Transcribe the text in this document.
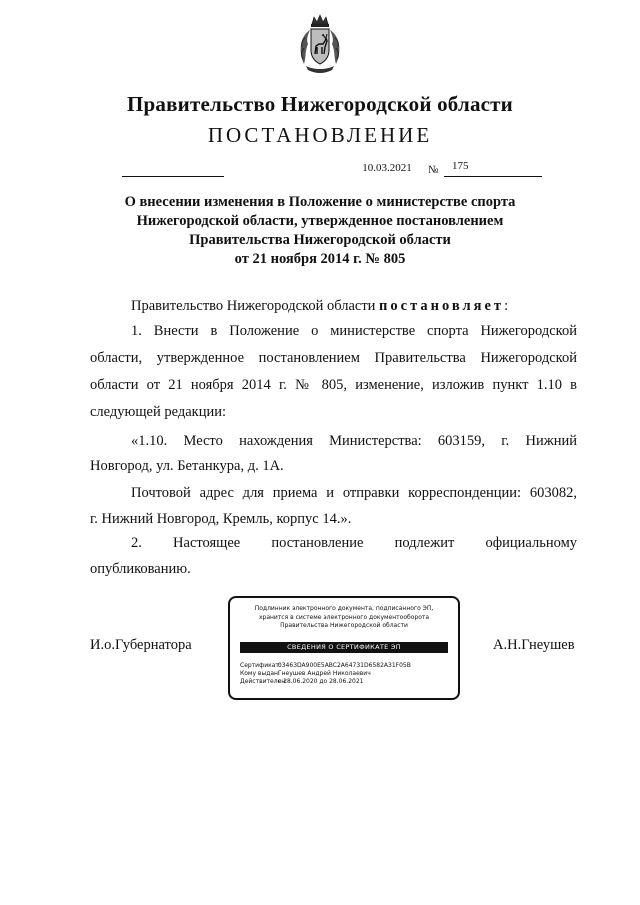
Правительство Нижегородской области
ПОСТАНОВЛЕНИЕ
10.03.2021	№ 175
О внесении изменения в Положение о министерстве спорта
Нижегородской области, утвержденное постановлением
Правительства Нижегородской области
от 21 ноября 2014 г. № 805
Правительство Нижегородской области постановляет:
1. Внести в Положение о министерстве спорта Нижегородской
области, утвержденное постановлением Правительства Нижегородской
области от 21 ноября 2014 г. № 805, изменение, изложив пункт 1.10 в
следующей редакции:
«1.10. Место нахождения Министерства: 603159, г. Нижний
Новгород, ул. Бетанкура, д. 1А.
Почтовой адрес для приема и отправки корреспонденции: 603082,
г. Нижний Новгород, Кремль, корпус 14.».
2. Настоящее постановление подлежит официальному
опубликованию.
И.о.Губернатора	А.Н.Гнеушев
Подлинник электронного документа, подписанного ЭП,
хранится в системе электронного документооборота
Правительства Нижегородской области
СВЕДЕНИЯ О СЕРТИФИКАТЕ ЭП
Сертификат: 03463DA900E5ABC2A64731D6582A31F05B
Кому выдан: Гнеушев Андрей Николаевич
Действителен: с 28.06.2020 до 28.06.2021
